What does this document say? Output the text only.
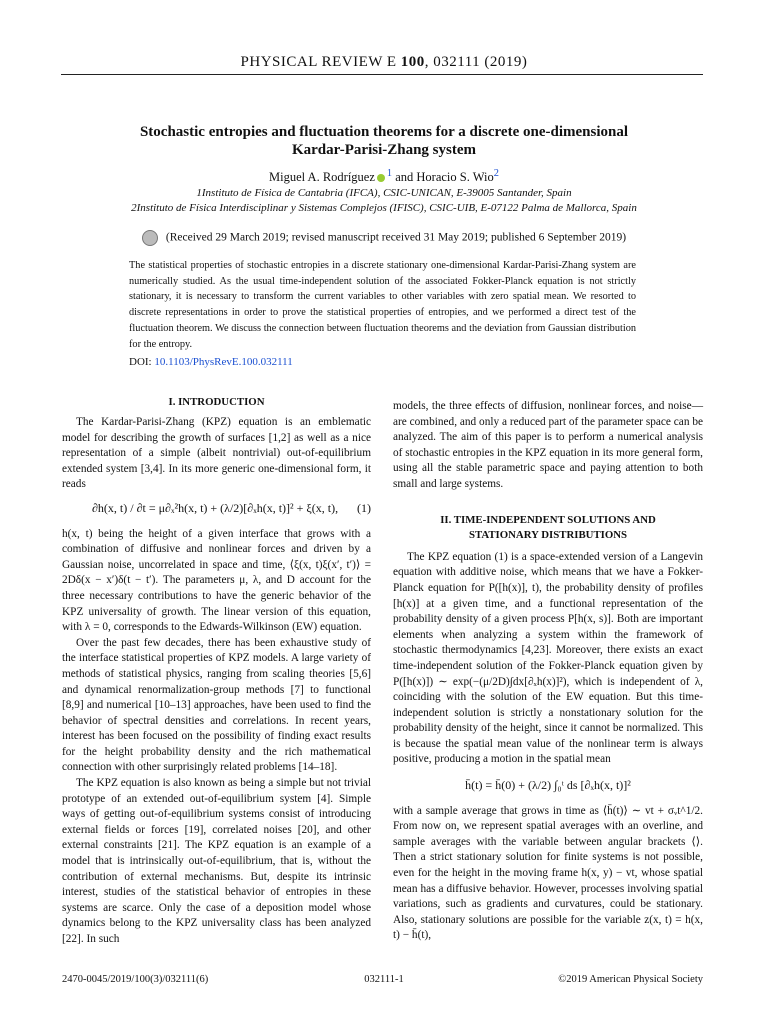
PHYSICAL REVIEW E 100, 032111 (2019)
Stochastic entropies and fluctuation theorems for a discrete one-dimensional
Kardar-Parisi-Zhang system
Miguel A. Rodríguez $^1$ and Horacio S. Wio$^2$
1Instituto de Física de Cantabria (IFCA), CSIC-UNICAN, E-39005 Santander, Spain
2Instituto de Física Interdisciplinar y Sistemas Complejos (IFISC), CSIC-UIB, E-07122 Palma de Mallorca, Spain
(Received 29 March 2019; revised manuscript received 31 May 2019; published 6 September 2019)
The statistical properties of stochastic entropies in a discrete stationary one-dimensional Kardar-Parisi-Zhang system are numerically studied. As the usual time-independent solution of the associated Fokker-Planck equation is not strictly stationary, it is necessary to transform the current variables to other variables with zero spatial mean. We resorted to discrete representations in order to prove the statistical properties of entropies, and we performed a direct test of the fluctuation theorem. We discuss the connection between fluctuation theorems and the deviation from Gaussian distribution for the entropy.
DOI: 10.1103/PhysRevE.100.032111
I. INTRODUCTION

The Kardar-Parisi-Zhang (KPZ) equation is an emblematic model for describing the growth of surfaces [1,2] as well as a nice representation of a simple (albeit nontrivial) out-of-equilibrium extended system [3,4]. In its more generic one-dimensional form, it reads

∂h(x, t) / ∂t = μ∂ₓ²h(x, t) + (λ/2)[∂ₓh(x, t)]² + ξ(x, t), (1)

h(x, t) being the height of a given interface that grows with a combination of diffusive and nonlinear forces and driven by a Gaussian noise, uncorrelated in space and time, ⟨ξ(x, t)ξ(x′, t′)⟩ = 2Dδ(x − x′)δ(t − t′). The parameters μ, λ, and D account for the three necessary contributions to have the generic behavior of the KPZ universality of growth. The linear version of this equation, with λ = 0, corresponds to the Edwards-Wilkinson (EW) equation.

Over the past few decades, there has been exhaustive study of the interface statistical properties of KPZ models. A large variety of methods of statistical physics, ranging from scaling theories [5,6] and dynamical renormalization-group methods [7] to functional [8,9] and numerical [10–13] approaches, have been used to find the behavior of spectral densities and correlations. In recent years, interest has been focused on the possibility of finding exact results for the height probability density and the rich mathematical connection with other surprisingly related problems [14–18].

The KPZ equation is also known as being a simple but not trivial prototype of an extended out-of-equilibrium system [4]. Simple ways of getting out-of-equilibrium systems consist of introducing external fields or forces [19], correlated noises [20], and other external constraints [21]. The KPZ equation is an example of a model that is intrinsically out-of-equilibrium, that is, without the contribution of external mechanisms. But, despite its intrinsic interest, studies of the statistical behavior of entropies in these systems are scarce. Only the case of a deposition model whose dynamics belong to the KPZ universality class has been analyzed [22]. In such

models, the three effects of diffusion, nonlinear forces, and noise—are combined, and only a reduced part of the parameter space can be analyzed. The aim of this paper is to perform a numerical analysis of stochastic entropies in the KPZ equation in its more general form, using all the stable parametric space and paying attention to both small and large systems.

II. TIME-INDEPENDENT SOLUTIONS AND
STATIONARY DISTRIBUTIONS

The KPZ equation (1) is a space-extended version of a Langevin equation with additive noise, which means that we have a Fokker-Planck equation for P([h(x)], t), the probability density of profiles [h(x)] at a given time, and a functional representation of the probability density of a given process P[h(x, s)]. Both are important elements when analyzing a system within the framework of stochastic thermodynamics [4,23]. Moreover, there exists an exact time-independent solution of the Fokker-Planck equation given by P([h(x)]) ∼ exp(−(μ/2D)∫dx[∂ₓh(x)]²), which is independent of λ, coinciding with the solution of the EW equation. But this time-independent solution is strictly a nonstationary solution for the probability density of the height, since it cannot be normalized. This is because the spatial mean value of the nonlinear term is always positive, producing a motion in the spatial mean

h̄(t) = h̄(0) + (λ/2) ∫₀ᵗ ds [∂ₓh(x, t)]²

with a sample average that grows in time as ⟨h̄(t)⟩ ∼ vt + σᵥt^1/2. From now on, we represent spatial averages with an overline, and sample averages with the variable between angular brackets ⟨⟩. Then a strict stationary solution for finite systems is not possible, even for the height in the moving frame h(x, y) − vt, whose spatial mean has a diffusive behavior. However, processes involving spatial variations, such as gradients and curvatures, could be stationary. Also, stationary solutions are possible for the variable z(x, t) = h(x, t) − h̄(t),

2470-0045/2019/100(3)/032111(6)	032111-1	©2019 American Physical Society
